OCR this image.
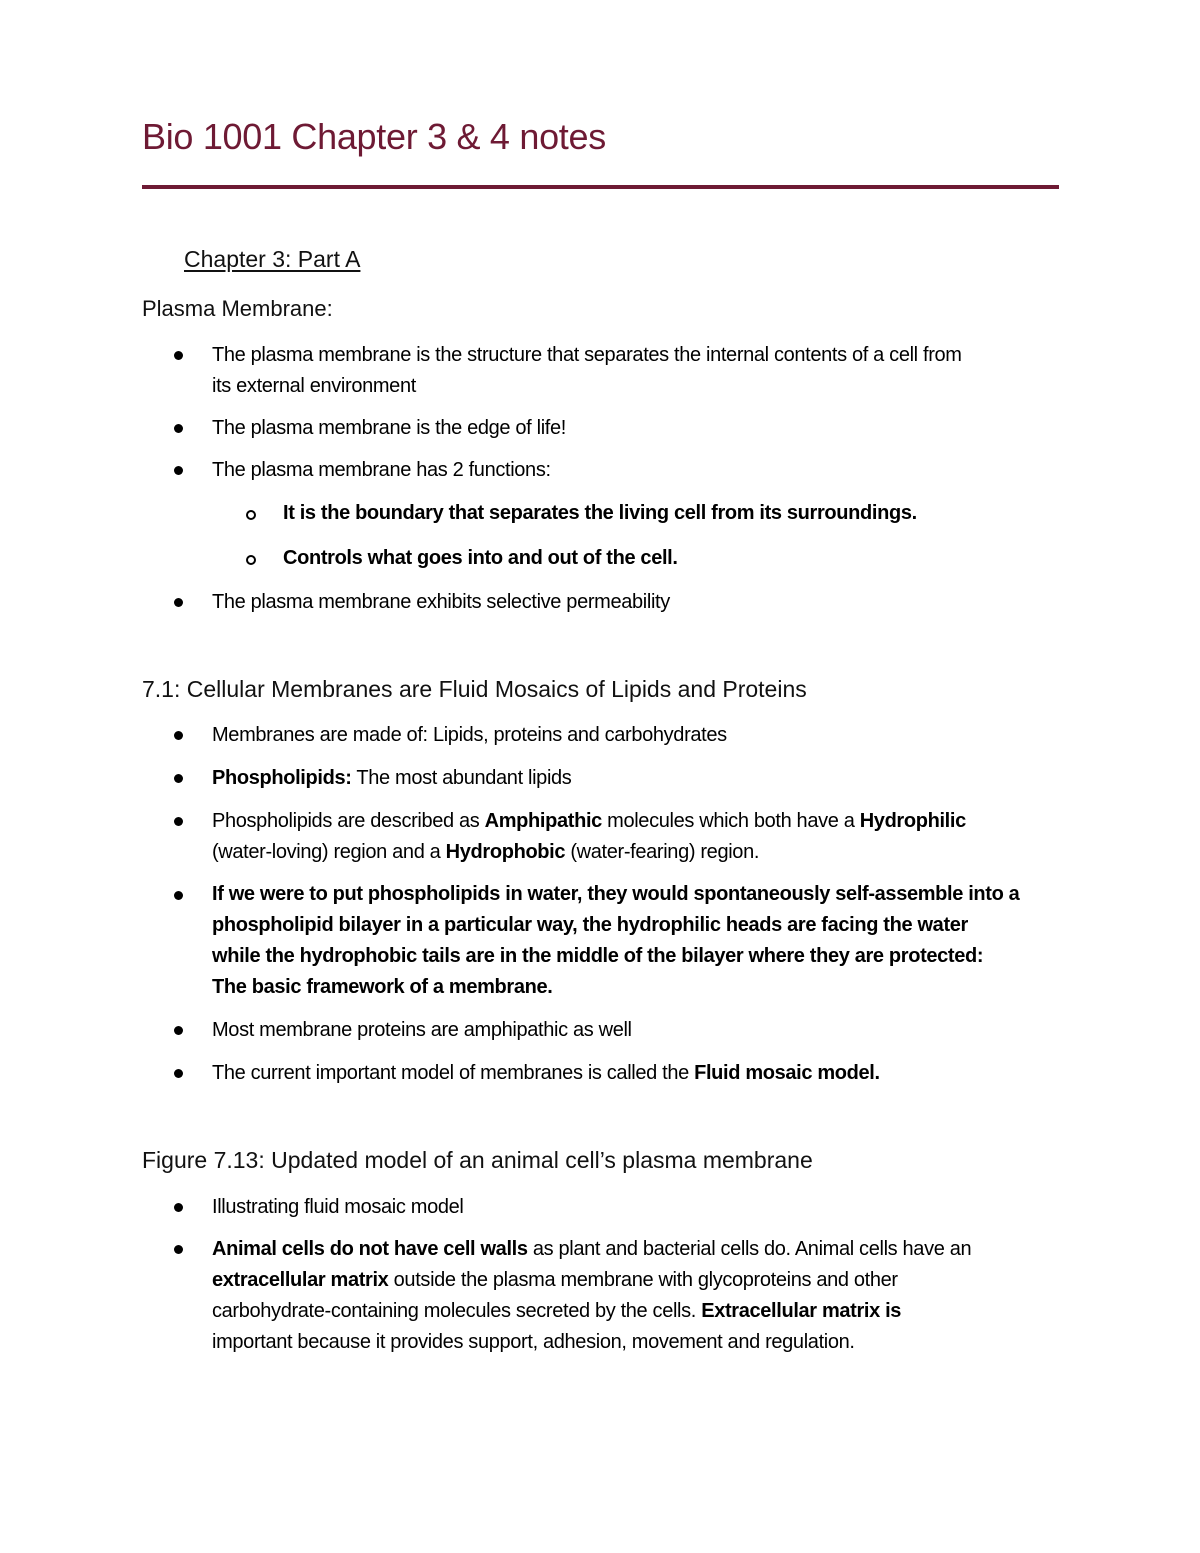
Bio 1001 Chapter 3 & 4 notes
Chapter 3: Part A
Plasma Membrane:
The plasma membrane is the structure that separates the internal contents of a cell from
its external environment
The plasma membrane is the edge of life!
The plasma membrane has 2 functions:
It is the boundary that separates the living cell from its surroundings.
Controls what goes into and out of the cell.
The plasma membrane exhibits selective permeability
7.1: Cellular Membranes are Fluid Mosaics of Lipids and Proteins
Membranes are made of: Lipids, proteins and carbohydrates
Phospholipids: The most abundant lipids
Phospholipids are described as Amphipathic molecules which both have a Hydrophilic
(water-loving) region and a Hydrophobic (water-fearing) region.
If we were to put phospholipids in water, they would spontaneously self-assemble into a
phospholipid bilayer in a particular way, the hydrophilic heads are facing the water
while the hydrophobic tails are in the middle of the bilayer where they are protected:
The basic framework of a membrane.
Most membrane proteins are amphipathic as well
The current important model of membranes is called the Fluid mosaic model.
Figure 7.13: Updated model of an animal cell’s plasma membrane
Illustrating fluid mosaic model
Animal cells do not have cell walls as plant and bacterial cells do. Animal cells have an
extracellular matrix outside the plasma membrane with glycoproteins and other
carbohydrate-containing molecules secreted by the cells. Extracellular matrix is
important because it provides support, adhesion, movement and regulation.
